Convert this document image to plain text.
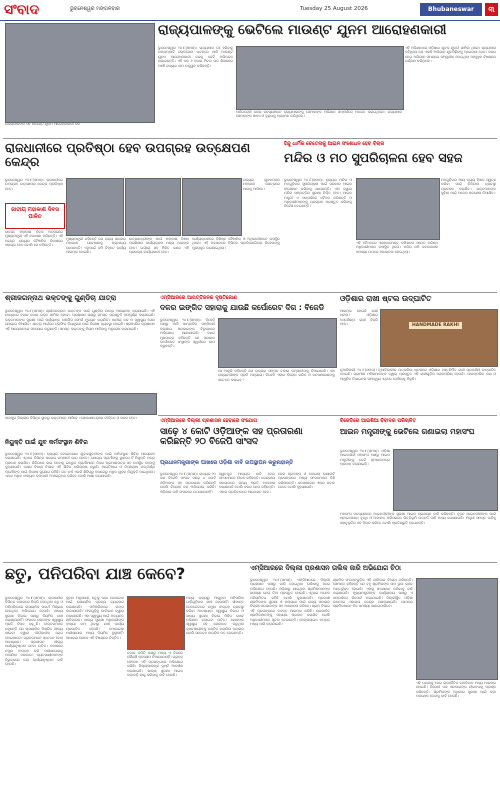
ସଂବାଦ	ଭୁବନେଶ୍ୱର ମଙ୍ଗଳବାର	Tuesday 25 August 2026	Bhubaneswar	୩
ରାଜ୍ୟପାଳଙ୍କ ସହ ମାଉଣ୍ଟ ଯୁନମ ଆରୋହଣକାରୀ ଦଳ
ରାଜ୍ୟପାଳଙ୍କୁ ଭେଟିଲେ ମାଉଣ୍ଟ ଯୁନମ ଆରୋହଣକାରୀ
ଭୁବନେଶ୍ୱର ୨୪।୮(ସମସ)। ରାଜ୍ୟପାଳ ଡଃ ହରିବାବୁ କମ୍ଭମ୍ପାଟି ଲୋକସେବା ଭବନରେ ଆଜି ମାଉଣ୍ଟ ଯୁନମ ଆରୋହଣକାରୀ ଦଳକୁ ଭେଟି ଅଭିନନ୍ଦନ ଜଣାଇଛନ୍ତି। ଏହି ଦଳ ୬ ହଜାର ମିଟର ଉଚ୍ଚ ଶିଖରରେ ପହଞ୍ଚି ରାଜ୍ୟର ନାମ ଉଜ୍ଜ୍ୱଳ କରିଛନ୍ତି।
ପର୍ବତାରୋହୀ ଦଳର ସଦସ୍ୟମାନେ ରାଜ୍ୟପାଳଙ୍କୁ ସେମାନଙ୍କ ଅଭିଯାନ ସମ୍ପର୍କରେ ଅବଗତ କରାଇଥିଲେ। ରାଜ୍ୟପାଳ ସେମାନଙ୍କ ସାହସ ଓ ଦୃଢ଼ତାକୁ ପ୍ରଶଂସା କରିଥିଲେ।
ଏହି ଅଭିଯାନରେ ଓଡ଼ିଶାର ଯୁବକ ଯୁବତୀ ସାମିଲ ଥିଲେ। ରାଜ୍ୟପାଳ କହିଥିଲେ ଯେ ଏଭଳି ଅଭିଯାନ ଯୁବପିଢ଼ିଙ୍କୁ ପ୍ରେରଣା ଦେବ। ଦଳର ନେତା ଅଭିଯାନ ସମୟରେ ସମ୍ମୁଖୀନ ହୋଇଥିବା ଆହ୍ୱାନ ବିଷୟରେ ବର୍ଣ୍ଣନା କରିଥିଲେ।
ରାଜଧାନୀରେ ପ୍ରତିଷ୍ଠା ହେବ ଉପଗ୍ରହ ଉତ୍କ୍ଷେପଣ କେନ୍ଦ୍ର
ଭୁବନେଶ୍ୱର ୨୪।୮(ସମସ)। ରାଜଧାନୀରେ ଉପଗ୍ରହ ଉତ୍କ୍ଷେପଣ କେନ୍ଦ୍ର ପ୍ରତିଷ୍ଠା ହେବ।
ଜାତୀୟ ମହାକାଶ ଦିବସ ପାଳିତ
ଜାତୀୟ ମହାକାଶ ଦିବସ ଅବସରରେ ମୁଖ୍ୟମନ୍ତ୍ରୀ ଏହି ଘୋଷଣା କରିଛନ୍ତି। ଏହି କେନ୍ଦ୍ର ରାଜ୍ୟର ବୈଜ୍ଞାନିକ ବିକାଶରେ ସହାୟକ ହେବ ବୋଲି ସେ କହିଛନ୍ତି।
ମୁଖ୍ୟମନ୍ତ୍ରୀ କହିଛନ୍ତି ଯେ ରାଜ୍ୟ ସରକାର ମହାକାଶ ଗବେଷଣାକୁ ପ୍ରାଧାନ୍ୟ ଦେଉଛନ୍ତି। ଏଥିପାଇଁ ଜମି ଚିହ୍ନଟ କାର୍ଯ୍ୟ ଆରମ୍ଭ ହୋଇଛି।
ଛାତ୍ରଛାତ୍ରୀଙ୍କ ପାଇଁ ମହାକାଶ ବିଜ୍ଞାନ ପ୍ରଶିକ୍ଷଣ କାର୍ଯ୍ୟକ୍ରମ ମଧ୍ୟ ଆରମ୍ଭ ହେବ। ଇସ୍ରୋ ସହ ମିଳିତ ଭାବେ ଏହି ପ୍ରକଳ୍ପ କାର୍ଯ୍ୟକାରୀ ହେବ।
କାର୍ଯ୍ୟକ୍ରମରେ ବିଶିଷ୍ଟ ବୈଜ୍ଞାନିକ ଓ ଅଧିକାରୀମାନେ ଉପସ୍ଥିତ ଥିଲେ। ଏହି ଅବସରରେ ବିଭିନ୍ନ ପ୍ରତିଯୋଗିତାର ବିଜେତାଙ୍କୁ ପୁରସ୍କୃତ କରାଯାଇଥିଲା।
ରାଜ୍ୟର ଯୁବକମାନେ ମହାକାଶ କ୍ଷେତ୍ରରେ ଆଗକୁ ଆସିବେ।
ହିନ୍ଦୁ ଧାର୍ମିକ ଚେତେନାକୁ ଆଇନ ସଂଶୋଧନ ହେବ ବିଚାର
ମନ୍ଦିର ଓ ମଠ ସୁପରିଚାଳନା ହେବ ସହଜ
ଭୁବନେଶ୍ୱର ୨୪।୮(ସମସ)। ରାଜ୍ୟର ମନ୍ଦିର ଓ ମଠଗୁଡ଼ିକର ସୁପରିଚାଳନା ପାଇଁ ସରକାର ଆଇନ ସଂଶୋଧନ କରିବାକୁ ଯାଉଛନ୍ତି। ଏହା ଦ୍ୱାରା ମନ୍ଦିର ସମ୍ପତ୍ତିର ସୁରକ୍ଷା ନିଶ୍ଚିତ ହେବ। ଆଇନ ମନ୍ତ୍ରୀ ଏ ସମ୍ପର୍କରେ ବୈଠକ କରିଛନ୍ତି ଓ ଅଧିକାରୀମାନଙ୍କୁ ପ୍ରସ୍ତାବ ପ୍ରସ୍ତୁତ କରିବାକୁ ନିର୍ଦ୍ଦେଶ ଦେଇଛନ୍ତି।
ଏହି ବୈଠକରେ ଏଣ୍ଡୋମେଣ୍ଟ କମିଶନର ସମେତ ବରିଷ୍ଠ ଅଧିକାରୀମାନେ ଉପସ୍ଥିତ ଥିଲେ। ମନ୍ଦିର ଜମି ଜବରଦଖଲ ସମସ୍ୟା ଉପରେ ଆଲୋଚନା ହୋଇଥିଲା।
ମଠଗୁଡ଼ିକର ଆୟ ବ୍ୟୟ ହିସାବ ସ୍ୱଚ୍ଛ କରିବା ପାଇଁ ଡିଜିଟାଲ ବ୍ୟବସ୍ଥା ପ୍ରଚଳନ କରାଯିବ। ଭକ୍ତମାନଙ୍କ ସୁବିଧା ପାଇଁ ଅନେକ ପଦକ୍ଷେପ ନିଆଯିବ।
ଶ୍ରୀଜଗନ୍ନାଥ ଭକ୍ତଙ୍କୁ ଗୁଣ୍ଡିଚା ଯାତ୍ରା
ଭୁବନେଶ୍ୱର ୨୪।୮(ସମସ)। ଶ୍ରୀଜଗନ୍ନାଥ ଭକ୍ତଙ୍କ ପାଇଁ ଗୁଣ୍ଡିଚା ଯାତ୍ରା ଆୟୋଜନ କରାଯାଇଛି। ଏହି ଯାତ୍ରାରେ ହଜାର ହଜାର ଭକ୍ତ ସାମିଲ ହେବେ। ପ୍ରଶାସନ ପକ୍ଷରୁ ସମସ୍ତ ପ୍ରସ୍ତୁତି ସମ୍ପୂର୍ଣ୍ଣ କରାଯାଇଛି। ଭକ୍ତମାନଙ୍କ ସୁରକ୍ଷା ପାଇଁ ପର୍ଯ୍ୟାପ୍ତ ପୋଲିସ ଫୋର୍ସ ମୁତୟନ କରାଯିବ। ପାନୀୟ ଜଳ ଓ ସ୍ୱାସ୍ଥ୍ୟ ସେବା ଯୋଗାଇ ଦିଆଯିବ। ଯାତ୍ରା ମାର୍ଗରେ ଟ୍ରାଫିକ ନିୟନ୍ତ୍ରଣ ପାଇଁ ବିଶେଷ ବ୍ୟବସ୍ଥା ହୋଇଛି। ଶ୍ରୀମନ୍ଦିର ପ୍ରଶାସନ ଏହି ଆୟୋଜନରେ ସହଯୋଗ କରୁଛନ୍ତି। ସମସ୍ତ ଭକ୍ତଙ୍କୁ ନିୟମ ମାନିବାକୁ ଅନୁରୋଧ କରାଯାଇଛି।
ଏମ୍‌ସିଆରରେ ଆପତ୍ତିଜନକ ଦୃଷ୍ଟିକୋଣ
ଦଳର ଇଙ୍ଗିତ ସହାରାକୁ ଯାଉଛି କର୍ପୋରେଟ ଦିଗ : ବିଜେଡି
ଭୁବନେଶ୍ୱର ୨୪।୮(ସମସ)। ବିଜେଡି ପକ୍ଷରୁ ଆଜି ସାମ୍ବାଦିକ ସମ୍ମିଳନୀ କରାଯାଇ ସରକାରଙ୍କ ବିରୁଦ୍ଧରେ ଅଭିଯୋଗ ଆଣାଯାଇଛି। ଦଳର ମୁଖପାତ୍ର କହିଛନ୍ତି ଯେ ସରକାର କର୍ପୋରେଟ ସଂସ୍ଥାଙ୍କ ସ୍ୱାର୍ଥରେ କାମ କରୁଛନ୍ତି।
ସେ ଆହୁରି କହିଛନ୍ତି ଯେ ରାଜ୍ୟର ସମ୍ପଦ ବାହାର କମ୍ପାନୀଙ୍କୁ ଦିଆଯାଉଛି। ଏହା ରାଜ୍ୟବାସୀଙ୍କ ପ୍ରତି ଅନ୍ୟାୟ। ବିଜେଡି ଏହାର ବିରୋଧ କରିବ ଓ ଜନସାଧାରଣଙ୍କୁ ସଚେତନ କରାଇବ।
ଓଡ଼ିଶାର ରାଖୀ ଷ୍ଟଲ ଉଦ୍‌ଘାଟିତ
ଆରମ୍ଭ ହୋଇଛି ରାଖୀ ଷ୍ଟଲ। ଓଡ଼ିଶାର ହସ୍ତଶିଳ୍ପ ରାଖୀ ବିକ୍ରି ହେବ।	HANDMADE RAKHI
ନୂଆଦିଲ୍ଲୀ ୨୪।୮(ସମସ)। ନୂଆଦିଲ୍ଲୀର ଉତ୍କଳିକା ଷ୍ଟଲରେ ଓଡ଼ିଶାର ହସ୍ତନିର୍ମିତ ରାଖୀ ପ୍ରଦର୍ଶନୀ ଉଦ୍‌ଘାଟିତ ହୋଇଛି। ଗ୍ରାମୀଣ ମହିଳାମାନଙ୍କ ଦ୍ୱାରା ପ୍ରସ୍ତୁତ ଏହି ରାଖୀଗୁଡ଼ିକ ଲୋକପ୍ରିୟ ହେଉଛି। ପାରମ୍ପରିକ କଳା ଓ ଆଧୁନିକ ଡିଜାଇନର ସମନ୍ୱୟ ଏଥିରେ ଦେଖିବାକୁ ମିଳୁଛି।
ଜାଜପୁର ଜିଲ୍ଲାର ବିଭିନ୍ନ ସ୍ଥାନରୁ ଭକ୍ତମାନେ ଆସିବେ। ଶୋଭାଯାତ୍ରାରେ କୀର୍ତ୍ତନ ଓ ଭଜନ ହେବ।
ନିୟୁକ୍ତି ପାଇଁ ଯୁବ କର୍ମସଂସ୍ଥାନ ଶିବିର
ଭୁବନେଶ୍ୱର ୨୪।୮(ସମସ)। ରାଜ୍ୟର ବେରୋଜଗାର ଯୁବକଯୁବତୀଙ୍କ ପାଇଁ କର୍ମସଂସ୍ଥାନ ଶିବିର ଆୟୋଜନ କରାଯାଇଛି। ଏଥିରେ ବିଭିନ୍ନ ଘରୋଇ କମ୍ପାନୀ ଭାଗ ନେବେ। ଯୋଗ୍ୟ ପ୍ରାର୍ଥୀଙ୍କୁ ସ୍ଥାନରେ ହିଁ ନିଯୁକ୍ତି ପତ୍ର ପ୍ରଦାନ କରାଯିବ। ଶିବିରରେ ଭାଗ ନେବାକୁ ଇଚ୍ଛୁକ ପ୍ରାର୍ଥୀମାନେ ନିଜର ପ୍ରମାଣପତ୍ର ସହ ଉପସ୍ଥିତ ହେବାକୁ କୁହାଯାଇଛି। ଦକ୍ଷତା ବିକାଶ ବିଭାଗ ଏହି ଶିବିର ପରିଚାଳନା କରୁଛି। ଆଇଟିଆଇ ଓ ଡିପ୍ଲୋମା ଉତ୍ତୀର୍ଣ୍ଣ ପ୍ରାର୍ଥୀଙ୍କ ପାଇଁ ବିଶେଷ ସୁଯୋଗ ରହିଛି। ଗତ ବର୍ଷ ଏଭଳି ଶିବିରରୁ ହଜାରେରୁ ଅଧିକ ଯୁବକ ନିଯୁକ୍ତି ପାଇଥିଲେ। ଏଥର ଅଧିକ ସଂଖ୍ୟକ କମ୍ପାନୀ ଅଂଶଗ୍ରହଣ କରିବେ ବୋଲି ଆଶା କରାଯାଉଛି।
ଏମ୍‌ସିଆରରେ ଦିଲ୍ଲୀ ପ୍ରଶାସନ ହେବାରେ ସଂଯୋଗ
ସାଢ଼େ ୪ କୋଟି ଓଡ଼ିଆଙ୍କ ସହ ପ୍ରତାରଣା କରିଛନ୍ତି ୨୦ ବିଜେପି ସାଂସଦ
ପ୍ରଧାନମନ୍ତ୍ରୀଙ୍କ ପାଖରେ ଓଡ଼ିଶା ଦାବି ଉପସ୍ଥାପନ କରୁନାହାନ୍ତି
ଭୁବନେଶ୍ୱର ୨୪।୮(ସମସ)। ରାଜ୍ୟର ୨୦ ଜଣ ବିଜେପି ସାଂସଦ ସାଢ଼େ ୪ କୋଟି ଓଡ଼ିଆଙ୍କ ସହ ପ୍ରତାରଣା କରିଛନ୍ତି ବୋଲି ବିରୋଧୀ ଦଳ ଅଭିଯୋଗ କରିଛି। ଓଡ଼ିଶାର ଦାବି ସଂସଦରେ ଉଠାଯାଉନାହିଁ।
ସ୍ୱତନ୍ତ୍ର ମାନ୍ୟତା ଦାବି ନେଇ ସାଂସଦମାନେ ନୀରବ ରହିଛନ୍ତି। କେନ୍ଦ୍ରୀୟ ସହାୟତାରେ ରାଜ୍ୟ ପ୍ରତି ଅବହେଳା କରାଯାଉଛି ବୋଲି ଦଳର ନେତା କହିଛନ୍ତି। ଏହାର ପ୍ରତିବାଦରେ ଆନ୍ଦୋଳନ ହେବ।
ରେଳ ପ୍ରକଳ୍ପ ଓ କୋଇଲା ରୟାଲଟି ପ୍ରସଙ୍ଗରେ ମଧ୍ୟ ସାଂସଦମାନେ କିଛି କରିନାହାନ୍ତି। ଜନସାଧାରଣ ଏହାର ଜବାବ ଦେବେ ବୋଲି କୁହାଯାଇଛି।
ବିଜେଡିରେ ଆଇଶିଆ ବିବାଦର ପରିଚାଳିତ
ଆଇନ ମନ୍ତ୍ରୀଙ୍କୁ ଭେଟିଲେ ଗଣାଇଲା ମହାସଂଘ
ଭୁବନେଶ୍ୱର ୨୪।୮(ସମସ)। ଓଡ଼ିଶା ଆଇନଜୀବୀ ମହାସଂଘ ପକ୍ଷରୁ ଆଇନ ମନ୍ତ୍ରୀଙ୍କୁ ଭେଟି ସ୍ମାରକପତ୍ର ପ୍ରଦାନ କରାଯାଇଛି।
ମହାସଂଘ ସଦସ୍ୟମାନେ ଆଇନଜୀବୀଙ୍କ ସୁରକ୍ଷା ଆଇନ ପ୍ରଣୟନ ଦାବି କରିଛନ୍ତି। ନୂତନ ଆଇନଜୀବୀଙ୍କ ପାଇଁ ଷ୍ଟାଇପେଣ୍ଡ ବୃଦ୍ଧି ଓ ଅଦାଲତ ପରିସରରେ ଭିତ୍ତିଭୂମି ଉନ୍ନତି ଦାବି ମଧ୍ୟ ରଖାଯାଇଛି। ମନ୍ତ୍ରୀ ସମସ୍ତ ଦାବିକୁ ସହାନୁଭୂତିର ସହ ବିଚାର କରିବେ ବୋଲି ପ୍ରତିଶ୍ରୁତି ଦେଇଛନ୍ତି।
ଛତୁ, ପନିପରିବା ଯାଞ୍ଚ କେବେ?
ଭୁବନେଶ୍ୱର ୨୪।୮(ସମସ)। ରାଜଧାନୀର ବିଭିନ୍ନ ବଜାରରେ ବିକ୍ରି ହେଉଥିବା ଛତୁ ଓ ପନିପରିବାରେ ରାସାୟନିକ ପଦାର୍ଥ ମିଶ୍ରଣ ହେଉଥିବା ଅଭିଯୋଗ ହେଉଛି। ଖାଦ୍ୟ ସୁରକ୍ଷା ବିଭାଗ ପକ୍ଷରୁ ନିୟମିତ ଯାଞ୍ଚ କରାଯାଉନାହିଁ। ଫଳରେ ଲୋକଙ୍କ ସ୍ୱାସ୍ଥ୍ୟ ପ୍ରତି ବିପଦ ବଢ଼ୁଛି। ଡାକ୍ତରମାନେ କହୁଛନ୍ତି ଯେ ରାସାୟନିକ ମିଶ୍ରିତ ଖାଦ୍ୟ ଖାଇବା ଦ୍ୱାରା ଦୀର୍ଘକାଳୀନ ରୋଗ ହୋଇପାରେ। ଗ୍ରାହକମାନେ ସଚେତନ ହେବା ଆବଶ୍ୟକ। ପ୍ରଶାସନ ଶୀଘ୍ର କାର୍ଯ୍ୟାନୁଷ୍ଠାନ ନେବା ଉଚିତ। ବଜାରରେ ନମୁନା ସଂଗ୍ରହ କରି ପରୀକ୍ଷାଗାରକୁ ପଠାଯିବା ଦରକାର। ବ୍ୟବସାୟୀମାନଙ୍କ ବିରୁଦ୍ଧରେ କଡ଼ା କାର୍ଯ୍ୟାନୁଷ୍ଠାନ ଦାବି ହେଉଛି।
ସୂଚନା ଅନୁଯାୟୀ, ଛତୁକୁ ତାଜା ଦେଖାଇବା ପାଇଁ ରାସାୟନିକ ଦ୍ରବ୍ୟ ବ୍ୟବହାର କରାଯାଉଛି। ପନିପରିବାରେ ରଙ୍ଗ ଲଗାଯାଉଛି। ଫଳଗୁଡ଼ିକୁ କାର୍ବାଇଡ ଦ୍ୱାରା ପକାଯାଉଛି। ଏହା ସ୍ୱାସ୍ଥ୍ୟ ପାଇଁ ଅତ୍ୟନ୍ତ କ୍ଷତିକାରକ। ଖାଦ୍ୟ ସୁରକ୍ଷା ଅଧିକାରୀଙ୍କ ସଂଖ୍ୟା କମ୍ ଥିବାରୁ ଯାଞ୍ଚ କାର୍ଯ୍ୟ ପ୍ରଭାବିତ ହେଉଛି। ମୋବାଇଲ ପରୀକ୍ଷାଗାର ମଧ୍ୟ ନିୟମିତ ବୁଲୁନାହିଁ। ସାଧାରଣ ଲୋକେ ଏହି ବିଷୟରେ ଚିନ୍ତିତ।
ବଜାର କମିଟି ପକ୍ଷରୁ ମଧ୍ୟ ଏ ଦିଗରେ କୌଣସି ପଦକ୍ଷେପ ନିଆଯାଉନାହିଁ। ଗ୍ରାହକ ଫୋରମ ଏହି ପ୍ରସଙ୍ଗରେ ଅଭିଯୋଗ କରିଛି। ଜିଲ୍ଲାପାଳଙ୍କ ଦୃଷ୍ଟି ଆକର୍ଷଣ କରାଯାଇଛି। ଖାଦ୍ୟ ସୁରକ୍ଷା ଆଇନ କଡ଼ାକଡ଼ି ଲାଗୁ କରିବାକୁ ଦାବି ହେଉଛି।
ଅନ୍ୟ ରାଜ୍ୟରୁ ଆସୁଥିବା ପନିପରିବା ଗାଡ଼ିଗୁଡ଼ିକର ଯାଞ୍ଚ ହେଉନାହିଁ। ସୀମାନ୍ତ ଚେକଗେଟରେ ନମୁନା ସଂଗ୍ରହ ବ୍ୟବସ୍ଥା କରିବା ଆବଶ୍ୟକ। ସ୍ୱାସ୍ଥ୍ୟ ବିଭାଗ ଓ ଖାଦ୍ୟ ସୁରକ୍ଷା ବିଭାଗ ମିଳିତ ଭାବେ ଅଭିଯାନ ଚଳାଇବା ଉଚିତ। ଲୋକଙ୍କ ସ୍ୱାସ୍ଥ୍ୟ ସହ ଖେଳବାଡ଼ କରୁଥିବା ବ୍ୟବସାୟୀଙ୍କୁ ଦଣ୍ଡିତ କରାଯିବା ଦରକାର ବୋଲି ସଚେତନ ନାଗରିକ ମତ ଦେଇଛନ୍ତି।
ଏମ୍‌ସିଆରରେ ଦିଲ୍ଲୀ ପ୍ରଶାସନ ତାଲିକ ଜାରି ଅଭିଯୋଗ ଚିଠା
ଭୁବନେଶ୍ୱର ୨୪।୮(ସମସ)। ଏମ୍‌ସିଆରରେ ଦିଲ୍ଲୀ ପ୍ରଶାସନ ପକ୍ଷରୁ ଜାରି ହୋଇଥିବା ତାଲିକାକୁ ନେଇ ଅଭିଯୋଗ ହେଉଛି। ଓଡ଼ିଶାରୁ ଯାଇଥିବା ଶ୍ରମିକମାନଙ୍କ ସମସ୍ୟା ନେଇ ଚିଠା ପ୍ରସ୍ତୁତ ହୋଇଛି। ଏଥିରେ ଅନେକ ଅନିୟମିତତା ରହିଛି ବୋଲି କୁହାଯାଉଛି। ପ୍ରବାସୀ ଶ୍ରମିକଙ୍କ ସୁରକ୍ଷା ଓ କଲ୍ୟାଣ ପାଇଁ ରାଜ୍ୟ ସରକାର ଦିଲ୍ଲୀ ସରକାରଙ୍କ ସହ ଆଲୋଚନା କରିବେ। ଶ୍ରମ ବିଭାଗ ଏହି ପ୍ରସଙ୍ଗରେ ତଦନ୍ତ ଆରମ୍ଭ କରିଛି। ପ୍ରଭାବିତ ଶ୍ରମିକମାନଙ୍କୁ ସହାୟତା ପ୍ରଦାନ କରାଯିବ ବୋଲି ଅଧିକାରୀମାନେ ସୂଚନା ଦେଇଛନ୍ତି। ହେଲ୍ପଲାଇନ ନମ୍ବର ମଧ୍ୟ ଜାରି କରାଯାଇଛି।
ଶ୍ରମିକ ସଂଗଠନଗୁଡ଼ିକ ଏହି ତାଲିକାର ବିରୋଧ କରିଛନ୍ତି। ସେମାନେ କହିଛନ୍ତି ଯେ ବହୁ ଶ୍ରମିକଙ୍କ ନାମ ଭୁଲ ଭାବେ ଅନ୍ତର୍ଭୁକ୍ତ ହୋଇଛି। ଏହାକୁ ସଂଶୋଧନ କରିବାକୁ ଦାବି କରାଯାଇଛି। ମୁଖ୍ୟମନ୍ତ୍ରୀଙ୍କ କାର୍ଯ୍ୟାଳୟ ପକ୍ଷରୁ ଏ ସମ୍ପର୍କରେ ରିପୋର୍ଟ ମଗାଯାଇଛି। ଦିଲ୍ଲୀସ୍ଥିତ ଓଡ଼ିଶା ଭବନରେ ସହାୟତା କେନ୍ଦ୍ର ଖୋଲାଯାଇଛି। ସେଠାରେ ଶ୍ରମିକମାନେ ନିଜ ସମସ୍ୟା ଜଣାଇପାରିବେ।
ଏହି ଘଟଣାକୁ ନେଇ ରାଜନୈତିକ ବାଦବିବାଦ ମଧ୍ୟ ଆରମ୍ଭ ହୋଇଛି। ବିରୋଧୀ ଦଳ ସରକାରଙ୍କ ନୀରବତାକୁ ପ୍ରଶ୍ନ କରିଛନ୍ତି। ଶ୍ରମିକଙ୍କ ଅଧିକାର ସୁରକ୍ଷା ପାଇଁ କଡ଼ା ପଦକ୍ଷେପ ନେବାକୁ ଦାବି ହେଉଛି।
